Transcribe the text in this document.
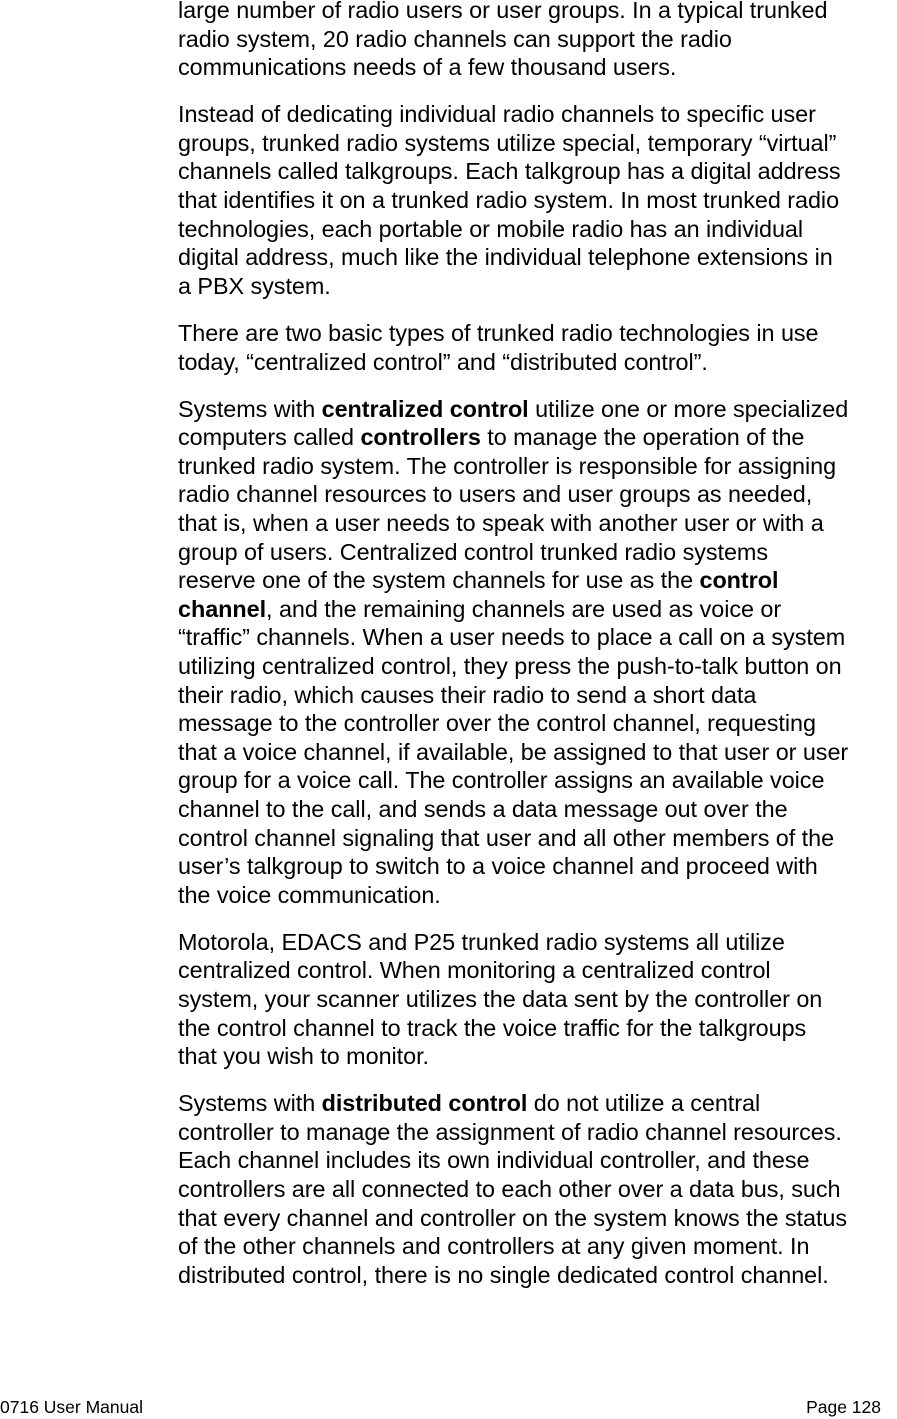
large number of radio users or user groups. In a typical trunked
radio system, 20 radio channels can support the radio
communications needs of a few thousand users.
Instead of dedicating individual radio channels to specific user
groups, trunked radio systems utilize special, temporary “virtual”
channels called talkgroups. Each talkgroup has a digital address
that identifies it on a trunked radio system. In most trunked radio
technologies, each portable or mobile radio has an individual
digital address, much like the individual telephone extensions in
a PBX system.
There are two basic types of trunked radio technologies in use
today, “centralized control” and “distributed control”.
Systems with centralized control utilize one or more specialized
computers called controllers to manage the operation of the
trunked radio system. The controller is responsible for assigning
radio channel resources to users and user groups as needed,
that is, when a user needs to speak with another user or with a
group of users. Centralized control trunked radio systems
reserve one of the system channels for use as the control
channel, and the remaining channels are used as voice or
“traffic” channels. When a user needs to place a call on a system
utilizing centralized control, they press the push-to-talk button on
their radio, which causes their radio to send a short data
message to the controller over the control channel, requesting
that a voice channel, if available, be assigned to that user or user
group for a voice call. The controller assigns an available voice
channel to the call, and sends a data message out over the
control channel signaling that user and all other members of the
user’s talkgroup to switch to a voice channel and proceed with
the voice communication.
Motorola, EDACS and P25 trunked radio systems all utilize
centralized control. When monitoring a centralized control
system, your scanner utilizes the data sent by the controller on
the control channel to track the voice traffic for the talkgroups
that you wish to monitor.
Systems with distributed control do not utilize a central
controller to manage the assignment of radio channel resources.
Each channel includes its own individual controller, and these
controllers are all connected to each other over a data bus, such
that every channel and controller on the system knows the status
of the other channels and controllers at any given moment. In
distributed control, there is no single dedicated control channel.
0716 User Manual	Page 128
